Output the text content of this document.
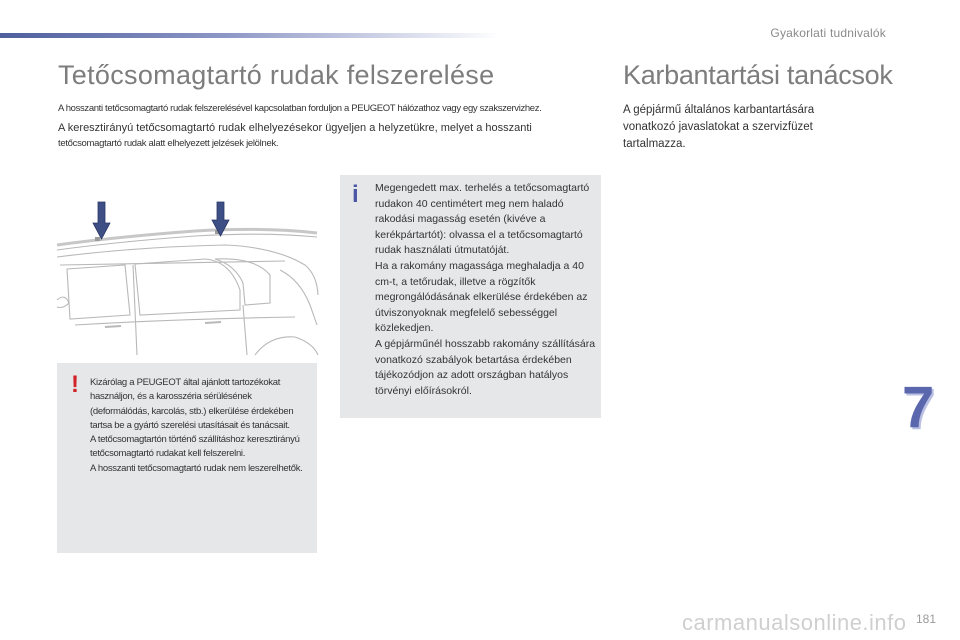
Gyakorlati tudnivalók
Tetőcsomagtartó rudak felszerelése

A hosszanti tetőcsomagtartó rudak felszerelésével kapcsolatban forduljon a PEUGEOT hálózathoz vagy egy szakszervizhez.

A keresztirányú tetőcsomagtartó rudak elhelyezésekor ügyeljen a helyzetükre, melyet a hosszanti
tetőcsomagtartó rudak alatt elhelyezett jelzések jelölnek.

Karbantartási tanácsok

A gépjármű általános karbantartására vonatkozó javaslatokat a szervizfüzet tartalmazza.

! Kizárólag a PEUGEOT által ajánlott tartozékokat használjon, és a karosszéria sérülésének (deformálódás, karcolás, stb.) elkerülése érdekében tartsa be a gyártó szerelési utasításait és tanácsait.
A tetőcsomagtartón történő szállításhoz keresztirányú tetőcsomagtartó rudakat kell felszerelni.
A hosszanti tetőcsomagtartó rudak nem leszerelhetők.

i Megengedett max. terhelés a tetőcsomagtartó rudakon 40 centimétert meg nem haladó rakodási magasság esetén (kivéve a kerékpártartót): olvassa el a tetőcsomagtartó rudak használati útmutatóját.
Ha a rakomány magassága meghaladja a 40 cm-t, a tetőrudak, illetve a rögzítők megrongálódásának elkerülése érdekében az útviszonyoknak megfelelő sebességgel közlekedjen.
A gépjárműnél hosszabb rakomány szállítására vonatkozó szabályok betartása érdekében tájékozódjon az adott országban hatályos törvényi előírásokról.	7
181
carmanualsonline.info
